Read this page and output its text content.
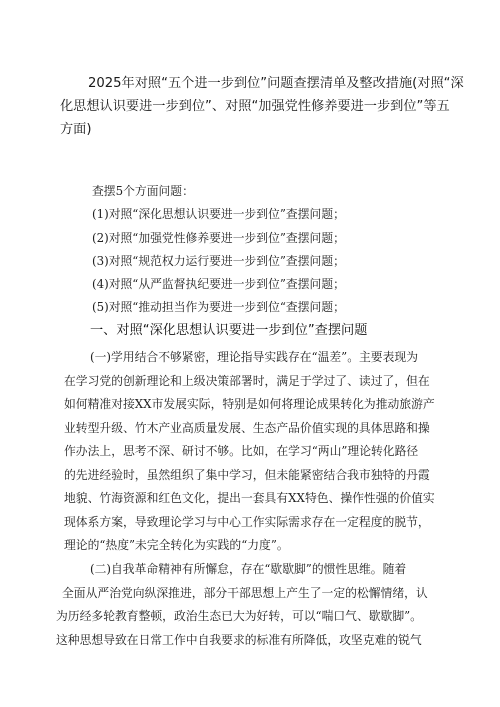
2025年对照“五个进一步到位”问题查摆清单及整改措施(对照“深
化思想认识要进一步到位”、对照“加强党性修养要进一步到位”等五
方面)
查摆5个方面问题：
(1)对照“深化思想认识要进一步到位”查摆问题；
(2)对照“加强党性修养要进一步到位”查摆问题；
(3)对照“规范权力运行要进一步到位”查摆问题；
(4)对照“从严监督执纪要进一步到位”查摆问题；
(5)对照“推动担当作为要进一步到位“查摆问题；
一、对照“深化思想认识要进一步到位”查摆问题
(一)学用结合不够紧密，理论指导实践存在“温差”。主要表现为
在学习党的创新理论和上级决策部署时，满足于学过了、读过了，但在
如何精准对接XX市发展实际，特别是如何将理论成果转化为推动旅游产
业转型升级、竹木产业高质量发展、生态产品价值实现的具体思路和操
作办法上，思考不深、研讨不够。比如，在学习“两山”理论转化路径
的先进经验时，虽然组织了集中学习，但未能紧密结合我市独特的丹霞
地貌、竹海资源和红色文化，提出一套具有XX特色、操作性强的价值实
现体系方案，导致理论学习与中心工作实际需求存在一定程度的脱节，
理论的“热度”未完全转化为实践的“力度”。
(二)自我革命精神有所懈怠，存在“歇歇脚”的惯性思维。随着
全面从严治党向纵深推进，部分干部思想上产生了一定的松懈情绪，认
为历经多轮教育整顿，政治生态已大为好转，可以“喘口气、歇歇脚”。
这种思想导致在日常工作中自我要求的标准有所降低，攻坚克难的锐气
